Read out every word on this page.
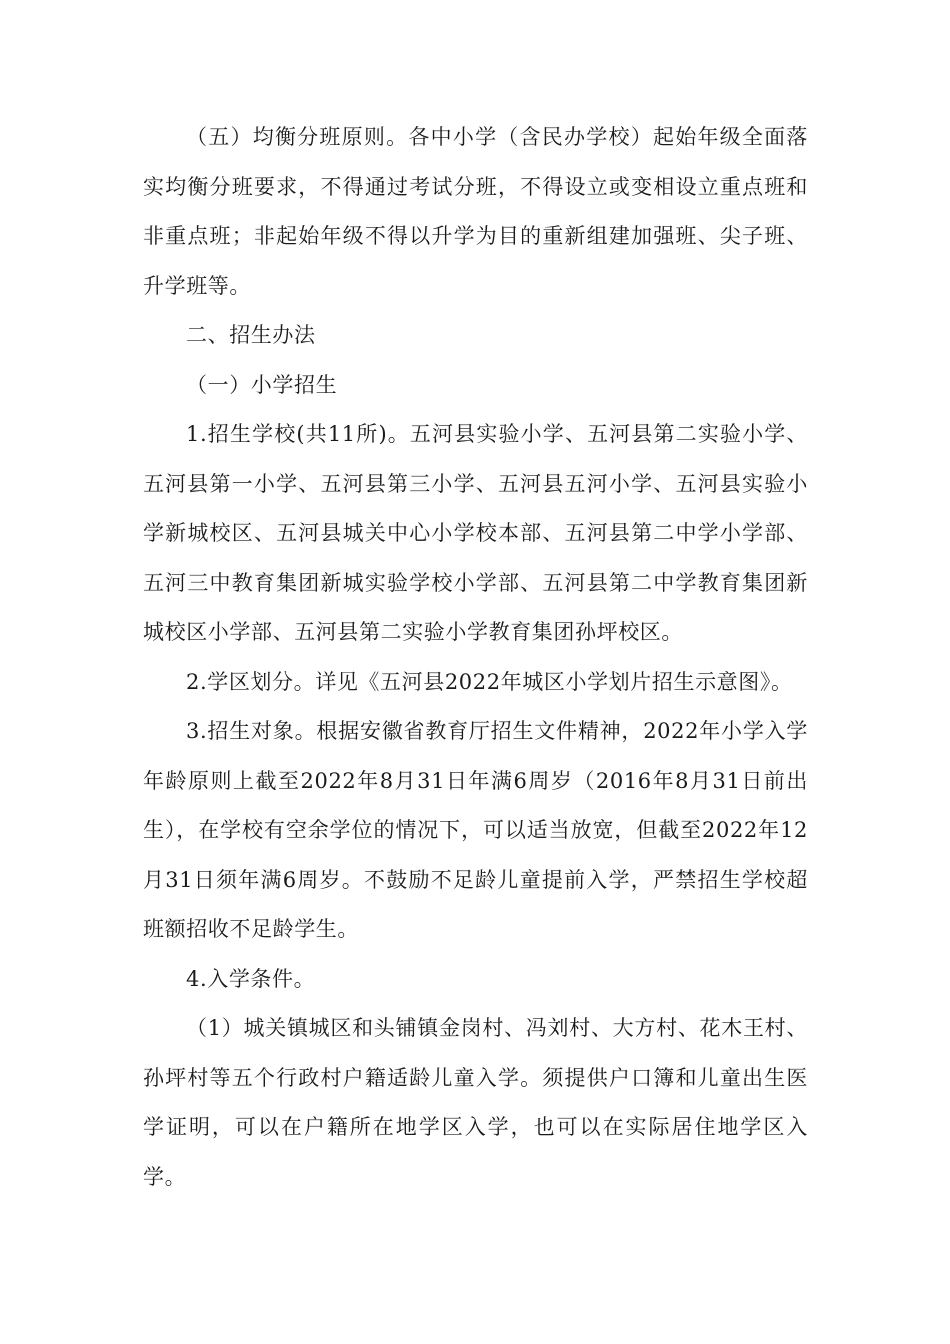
（五）均衡分班原则。各中小学（含民办学校）起始年级全面落实均衡分班要求，不得通过考试分班，不得设立或变相设立重点班和非重点班；非起始年级不得以升学为目的重新组建加强班、尖子班、升学班等。

二、招生办法

（一）小学招生

1.招生学校(共11所)。五河县实验小学、五河县第二实验小学、五河县第一小学、五河县第三小学、五河县五河小学、五河县实验小学新城校区、五河县城关中心小学校本部、五河县第二中学小学部、五河三中教育集团新城实验学校小学部、五河县第二中学教育集团新城校区小学部、五河县第二实验小学教育集团孙坪校区。

2.学区划分。详见《五河县2022年城区小学划片招生示意图》。

3.招生对象。根据安徽省教育厅招生文件精神，2022年小学入学年龄原则上截至2022年8月31日年满6周岁（2016年8月31日前出生），在学校有空余学位的情况下，可以适当放宽，但截至2022年12月31日须年满6周岁。不鼓励不足龄儿童提前入学，严禁招生学校超班额招收不足龄学生。

4.入学条件。

（1）城关镇城区和头铺镇金岗村、冯刘村、大方村、花木王村、孙坪村等五个行政村户籍适龄儿童入学。须提供户口簿和儿童出生医学证明，可以在户籍所在地学区入学，也可以在实际居住地学区入学。
